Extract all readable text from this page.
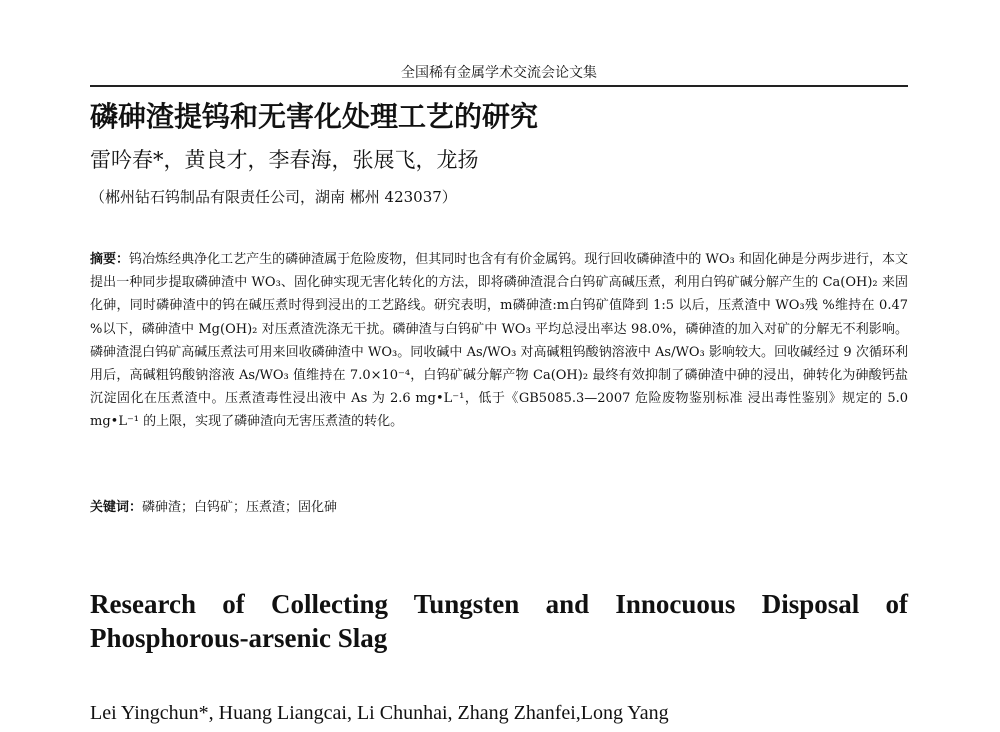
全国稀有金属学术交流会论文集
磷砷渣提钨和无害化处理工艺的研究
雷吟春*，黄良才，李春海，张展飞，龙扬
（郴州钻石钨制品有限责任公司，湖南 郴州 423037）
摘要：钨冶炼经典净化工艺产生的磷砷渣属于危险废物，但其同时也含有有价金属钨。现行回收磷砷渣中的 WO₃ 和固化砷是分两步进行，本文提出一种同步提取磷砷渣中 WO₃、固化砷实现无害化转化的方法，即将磷砷渣混合白钨矿高碱压煮，利用白钨矿碱分解产生的 Ca(OH)₂ 来固化砷，同时磷砷渣中的钨在碱压煮时得到浸出的工艺路线。研究表明，m磷砷渣:m白钨矿值降到 1:5 以后，压煮渣中 WO₃残 %维持在 0.47 %以下，磷砷渣中 Mg(OH)₂ 对压煮渣洗涤无干扰。磷砷渣与白钨矿中 WO₃ 平均总浸出率达 98.0%，磷砷渣的加入对矿的分解无不利影响。磷砷渣混白钨矿高碱压煮法可用来回收磷砷渣中 WO₃。同收碱中 As/WO₃ 对高碱粗钨酸钠溶液中 As/WO₃ 影响较大。回收碱经过 9 次循环利用后，高碱粗钨酸钠溶液 As/WO₃ 值维持在 7.0×10⁻⁴，白钨矿碱分解产物 Ca(OH)₂ 最终有效抑制了磷砷渣中砷的浸出，砷转化为砷酸钙盐沉淀固化在压煮渣中。压煮渣毒性浸出液中 As 为 2.6 mg•L⁻¹，低于《GB5085.3—2007 危险废物鉴别标准 浸出毒性鉴别》规定的 5.0 mg•L⁻¹ 的上限，实现了磷砷渣向无害压煮渣的转化。
关键词：磷砷渣；白钨矿；压煮渣；固化砷
Research of Collecting Tungsten and Innocuous Disposal of Phosphorous-arsenic Slag
Lei Yingchun*, Huang Liangcai, Li Chunhai, Zhang Zhanfei,Long Yang
